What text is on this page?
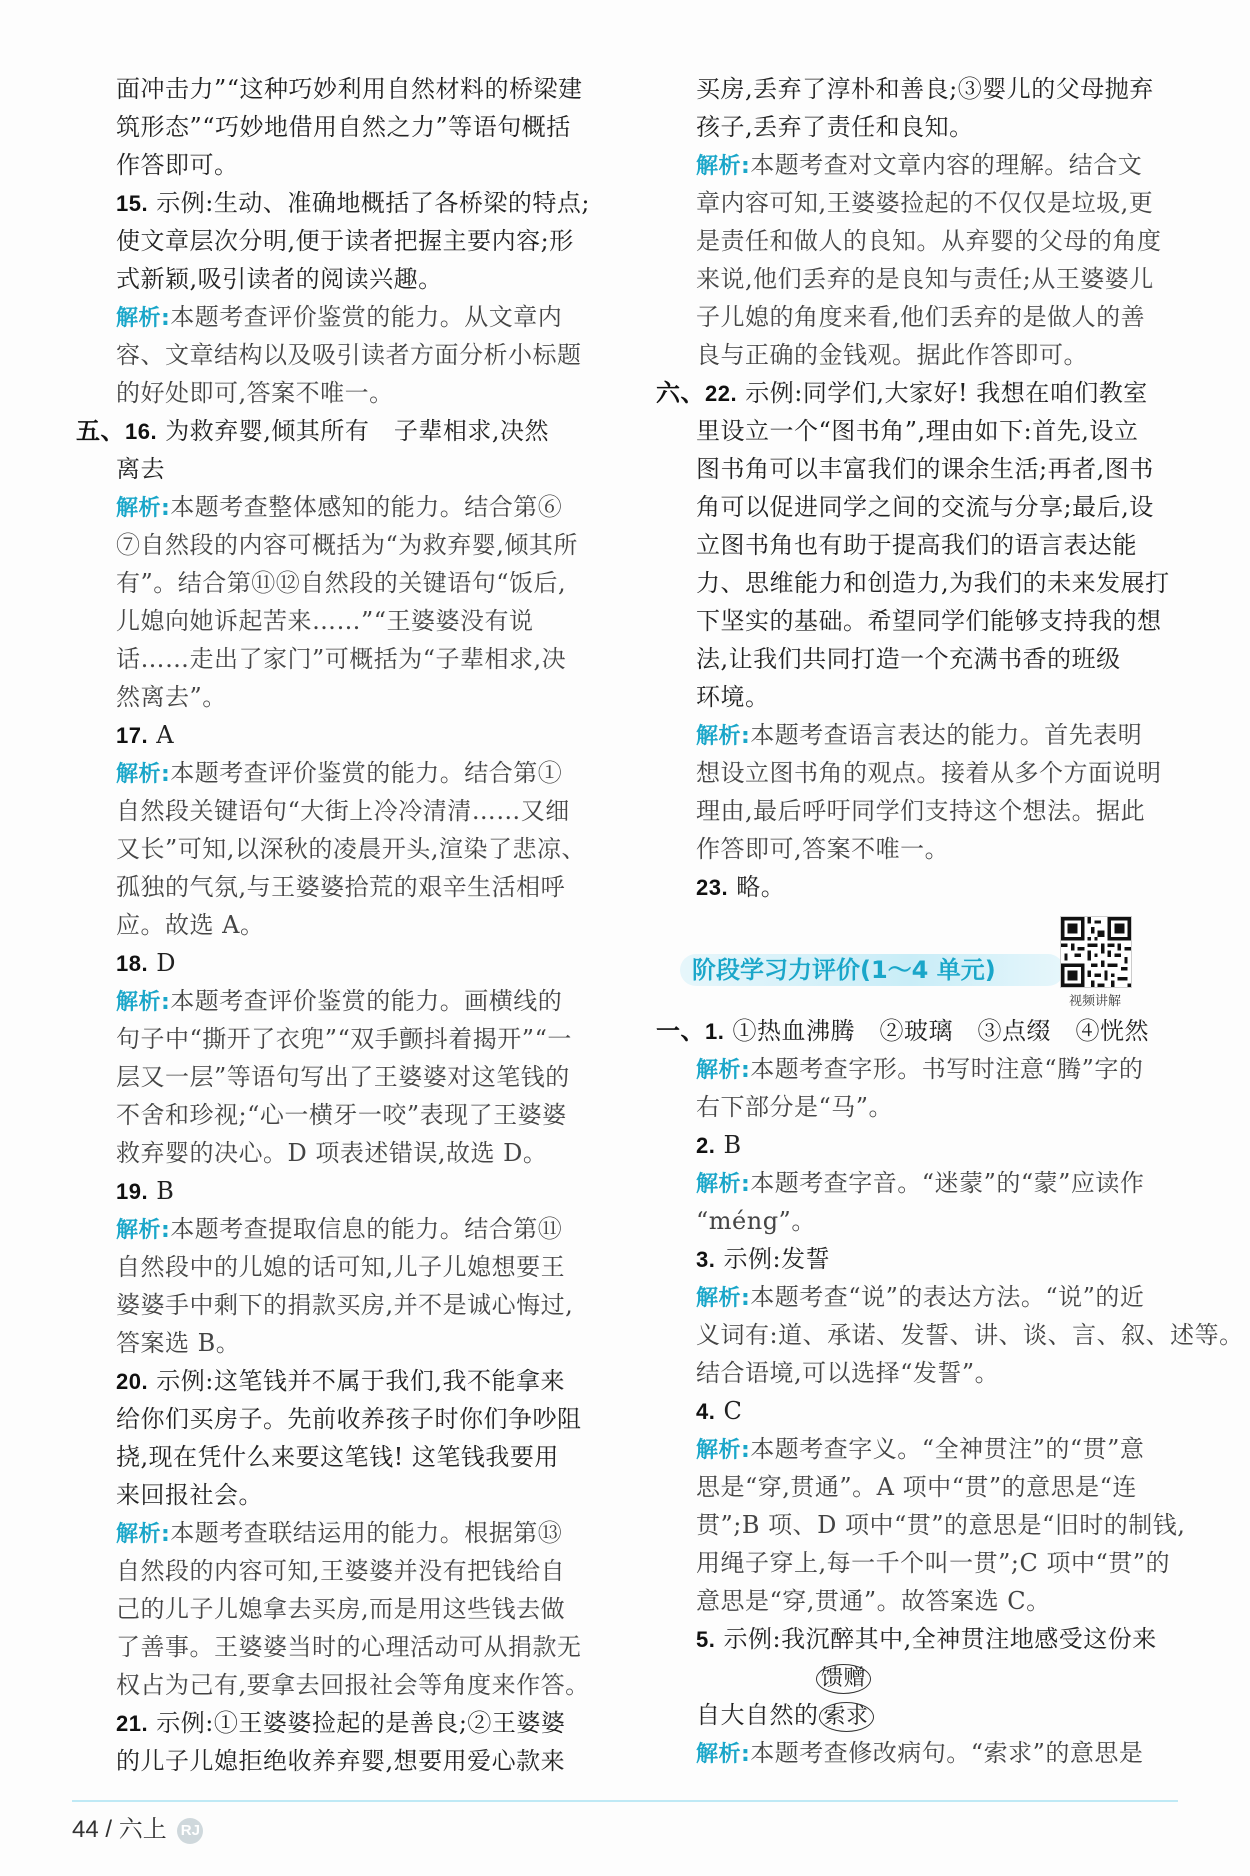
面冲击力”“这种巧妙利用自然材料的桥梁建
筑形态”“巧妙地借用自然之力”等语句概括
作答即可。
15. 示例:生动、准确地概括了各桥梁的特点;
使文章层次分明,便于读者把握主要内容;形
式新颖,吸引读者的阅读兴趣。
解析:本题考查评价鉴赏的能力。从文章内
容、文章结构以及吸引读者方面分析小标题
的好处即可,答案不唯一。
五、16. 为救弃婴,倾其所有　子辈相求,决然
离去
解析:本题考查整体感知的能力。结合第⑥
⑦自然段的内容可概括为“为救弃婴,倾其所
有”。结合第⑪⑫自然段的关键语句“饭后,
儿媳向她诉起苦来……”“王婆婆没有说
话……走出了家门”可概括为“子辈相求,决
然离去”。
17. A
解析:本题考查评价鉴赏的能力。结合第①
自然段关键语句“大街上冷冷清清……又细
又长”可知,以深秋的凌晨开头,渲染了悲凉、
孤独的气氛,与王婆婆拾荒的艰辛生活相呼
应。故选 A。
18. D
解析:本题考查评价鉴赏的能力。画横线的
句子中“撕开了衣兜”“双手颤抖着揭开”“一
层又一层”等语句写出了王婆婆对这笔钱的
不舍和珍视;“心一横牙一咬”表现了王婆婆
救弃婴的决心。D 项表述错误,故选 D。
19. B
解析:本题考查提取信息的能力。结合第⑪
自然段中的儿媳的话可知,儿子儿媳想要王
婆婆手中剩下的捐款买房,并不是诚心悔过,
答案选 B。
20. 示例:这笔钱并不属于我们,我不能拿来
给你们买房子。先前收养孩子时你们争吵阻
挠,现在凭什么来要这笔钱! 这笔钱我要用
来回报社会。
解析:本题考查联结运用的能力。根据第⑬
自然段的内容可知,王婆婆并没有把钱给自
己的儿子儿媳拿去买房,而是用这些钱去做
了善事。王婆婆当时的心理活动可从捐款无
权占为己有,要拿去回报社会等角度来作答。
21. 示例:①王婆婆捡起的是善良;②王婆婆
的儿子儿媳拒绝收养弃婴,想要用爱心款来
买房,丢弃了淳朴和善良;③婴儿的父母抛弃
孩子,丢弃了责任和良知。
解析:本题考查对文章内容的理解。结合文
章内容可知,王婆婆捡起的不仅仅是垃圾,更
是责任和做人的良知。从弃婴的父母的角度
来说,他们丢弃的是良知与责任;从王婆婆儿
子儿媳的角度来看,他们丢弃的是做人的善
良与正确的金钱观。据此作答即可。
六、22. 示例:同学们,大家好! 我想在咱们教室
里设立一个“图书角”,理由如下:首先,设立
图书角可以丰富我们的课余生活;再者,图书
角可以促进同学之间的交流与分享;最后,设
立图书角也有助于提高我们的语言表达能
力、思维能力和创造力,为我们的未来发展打
下坚实的基础。希望同学们能够支持我的想
法,让我们共同打造一个充满书香的班级
环境。
解析:本题考查语言表达的能力。首先表明
想设立图书角的观点。接着从多个方面说明
理由,最后呼吁同学们支持这个想法。据此
作答即可,答案不唯一。
23. 略。
阶段学习力评价(1～4 单元)
视频讲解
一、1. ①热血沸腾　②玻璃　③点缀　④恍然
解析:本题考查字形。书写时注意“腾”字的
右下部分是“马”。
2. B
解析:本题考查字音。“迷蒙”的“蒙”应读作
“méng”。
3. 示例:发誓
解析:本题考查“说”的表达方法。“说”的近
义词有:道、承诺、发誓、讲、谈、言、叙、述等。
结合语境,可以选择“发誓”。
4. C
解析:本题考查字义。“全神贯注”的“贯”意
思是“穿,贯通”。A 项中“贯”的意思是“连
贯”;B 项、D 项中“贯”的意思是“旧时的制钱,
用绳子穿上,每一千个叫一贯”;C 项中“贯”的
意思是“穿,贯通”。故答案选 C。
5. 示例:我沉醉其中,全神贯注地感受这份来
馈赠
自大自然的 索求
解析:本题考查修改病句。“索求”的意思是
44 / 六上 RJ
